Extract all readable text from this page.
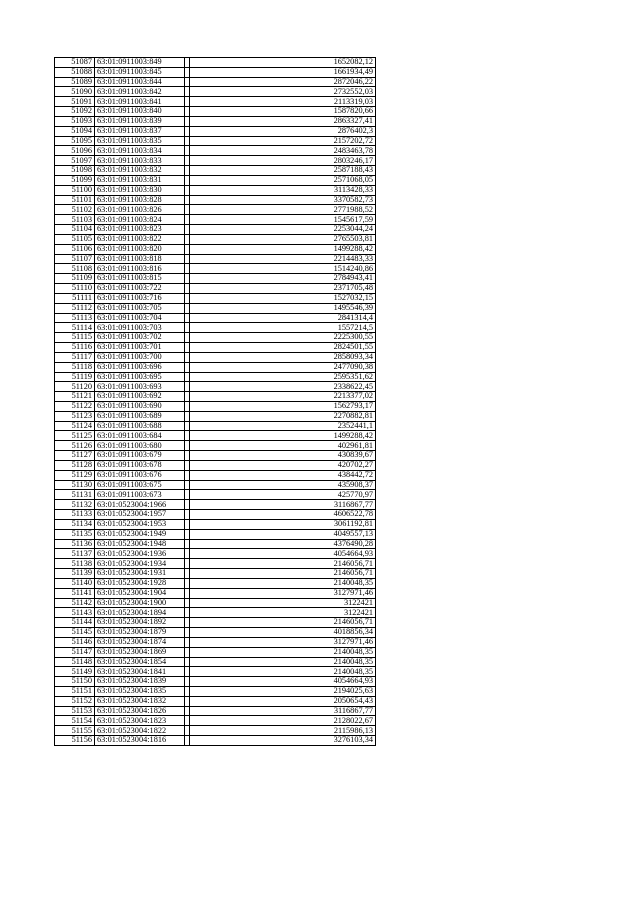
51087	63:01:0911003:849		1652082,12
51088	63:01:0911003:845		1661934,49
51089	63:01:0911003:844		2872046,22
51090	63:01:0911003:842		2732552,03
51091	63:01:0911003:841		2113319,03
51092	63:01:0911003:840		1587820,66
51093	63:01:0911003:839		2863327,41
51094	63:01:0911003:837		2876402,3
51095	63:01:0911003:835		2157202,72
51096	63:01:0911003:834		2483463,78
51097	63:01:0911003:833		2803246,17
51098	63:01:0911003:832		2587188,43
51099	63:01:0911003:831		2571068,05
51100	63:01:0911003:830		3113428,33
51101	63:01:0911003:828		3370582,73
51102	63:01:0911003:826		2771988,52
51103	63:01:0911003:824		1545617,59
51104	63:01:0911003:823		2253044,24
51105	63:01:0911003:822		2765503,81
51106	63:01:0911003:820		1499288,42
51107	63:01:0911003:818		2214483,33
51108	63:01:0911003:816		1514240,86
51109	63:01:0911003:815		2784943,41
51110	63:01:0911003:722		2371705,48
51111	63:01:0911003:716		1527032,15
51112	63:01:0911003:705		1495546,39
51113	63:01:0911003:704		2841314,4
51114	63:01:0911003:703		1557214,5
51115	63:01:0911003:702		2225300,55
51116	63:01:0911003:701		2824501,55
51117	63:01:0911003:700		2858093,34
51118	63:01:0911003:696		2477090,38
51119	63:01:0911003:695		2595351,62
51120	63:01:0911003:693		2338622,45
51121	63:01:0911003:692		2213377,02
51122	63:01:0911003:690		1562793,17
51123	63:01:0911003:689		2270882,81
51124	63:01:0911003:688		2352441,1
51125	63:01:0911003:684		1499288,42
51126	63:01:0911003:680		402961,81
51127	63:01:0911003:679		430839,67
51128	63:01:0911003:678		420702,27
51129	63:01:0911003:676		438442,72
51130	63:01:0911003:675		435908,37
51131	63:01:0911003:673		425770,97
51132	63:01:0523004:1966		3116867,77
51133	63:01:0523004:1957		4606522,78
51134	63:01:0523004:1953		3061192,81
51135	63:01:0523004:1949		4049557,13
51136	63:01:0523004:1948		4376490,28
51137	63:01:0523004:1936		4054664,93
51138	63:01:0523004:1934		2146056,71
51139	63:01:0523004:1931		2146056,71
51140	63:01:0523004:1928		2140048,35
51141	63:01:0523004:1904		3127971,46
51142	63:01:0523004:1900		3122421
51143	63:01:0523004:1894		3122421
51144	63:01:0523004:1892		2146056,71
51145	63:01:0523004:1879		4018856,34
51146	63:01:0523004:1874		3127971,46
51147	63:01:0523004:1869		2140048,35
51148	63:01:0523004:1854		2140048,35
51149	63:01:0523004:1841		2140048,35
51150	63:01:0523004:1839		4054664,93
51151	63:01:0523004:1835		2194025,63
51152	63:01:0523004:1832		2050654,43
51153	63:01:0523004:1826		3116867,77
51154	63:01:0523004:1823		2128022,67
51155	63:01:0523004:1822		2115986,13
51156	63:01:0523004:1816		3276103,34
